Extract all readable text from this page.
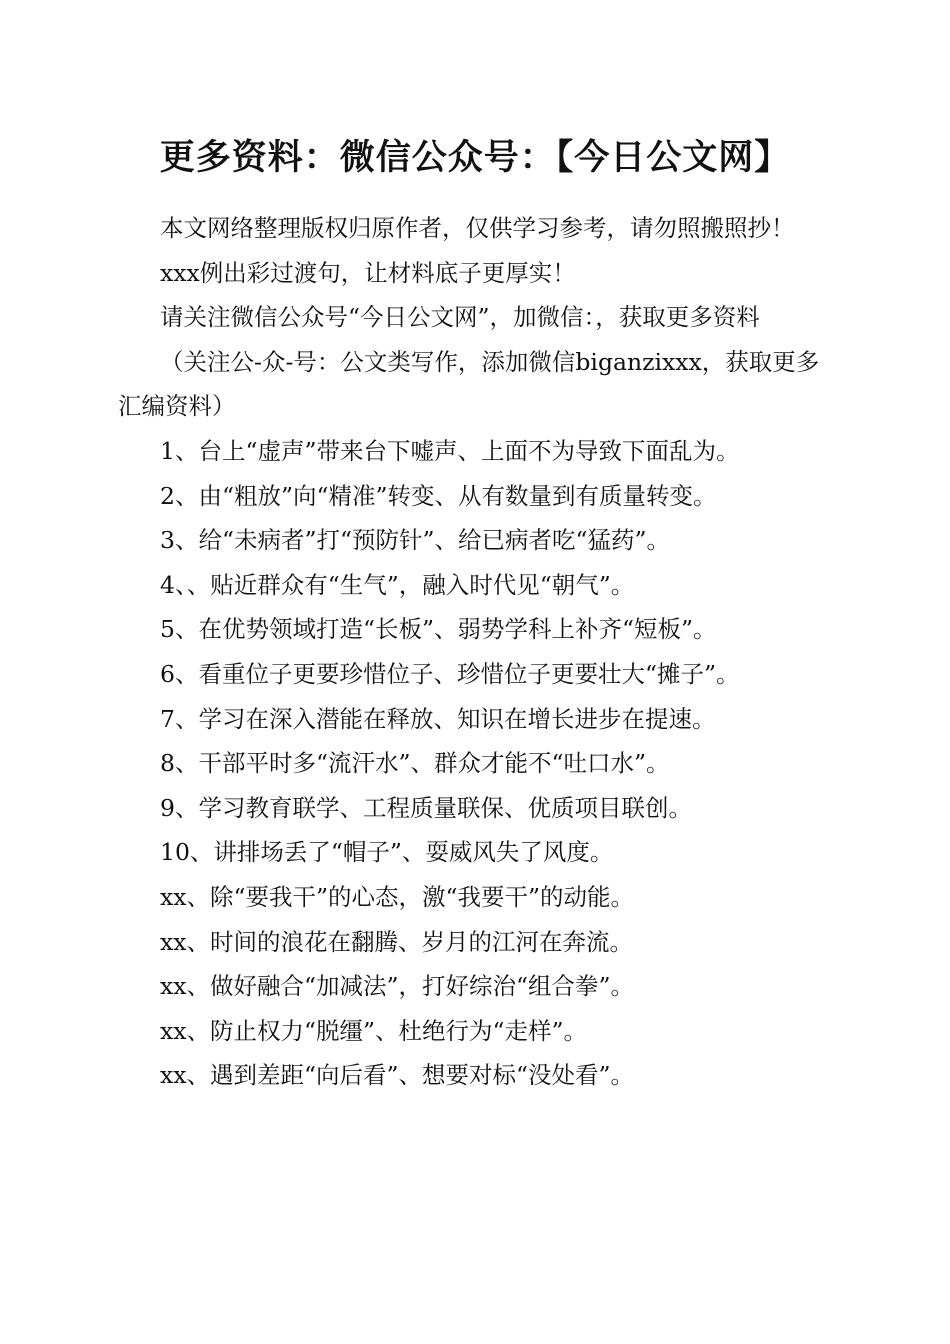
更多资料：微信公众号：【今日公文网】

本文网络整理版权归原作者，仅供学习参考，请勿照搬照抄！

xxx例出彩过渡句，让材料底子更厚实！

请关注微信公众号“今日公文网”，加微信：，获取更多资料

（关注公-众-号：公文类写作，添加微信biganzixxx，获取更多汇编资料）

1、台上“虚声”带来台下嘘声、上面不为导致下面乱为。

2、由“粗放”向“精准”转变、从有数量到有质量转变。

3、给“未病者”打“预防针”、给已病者吃“猛药”。

4、、贴近群众有“生气”，融入时代见“朝气”。

5、在优势领域打造“长板”、弱势学科上补齐“短板”。

6、看重位子更要珍惜位子、珍惜位子更要壮大“摊子”。

7、学习在深入潜能在释放、知识在增长进步在提速。

8、干部平时多“流汗水”、群众才能不“吐口水”。

9、学习教育联学、工程质量联保、优质项目联创。

10、讲排场丢了“帽子”、耍威风失了风度。

xx、除“要我干”的心态，激“我要干”的动能。

xx、时间的浪花在翻腾、岁月的江河在奔流。

xx、做好融合“加减法”，打好综治“组合拳”。

xx、防止权力“脱缰”、杜绝行为“走样”。

xx、遇到差距“向后看”、想要对标“没处看”。
